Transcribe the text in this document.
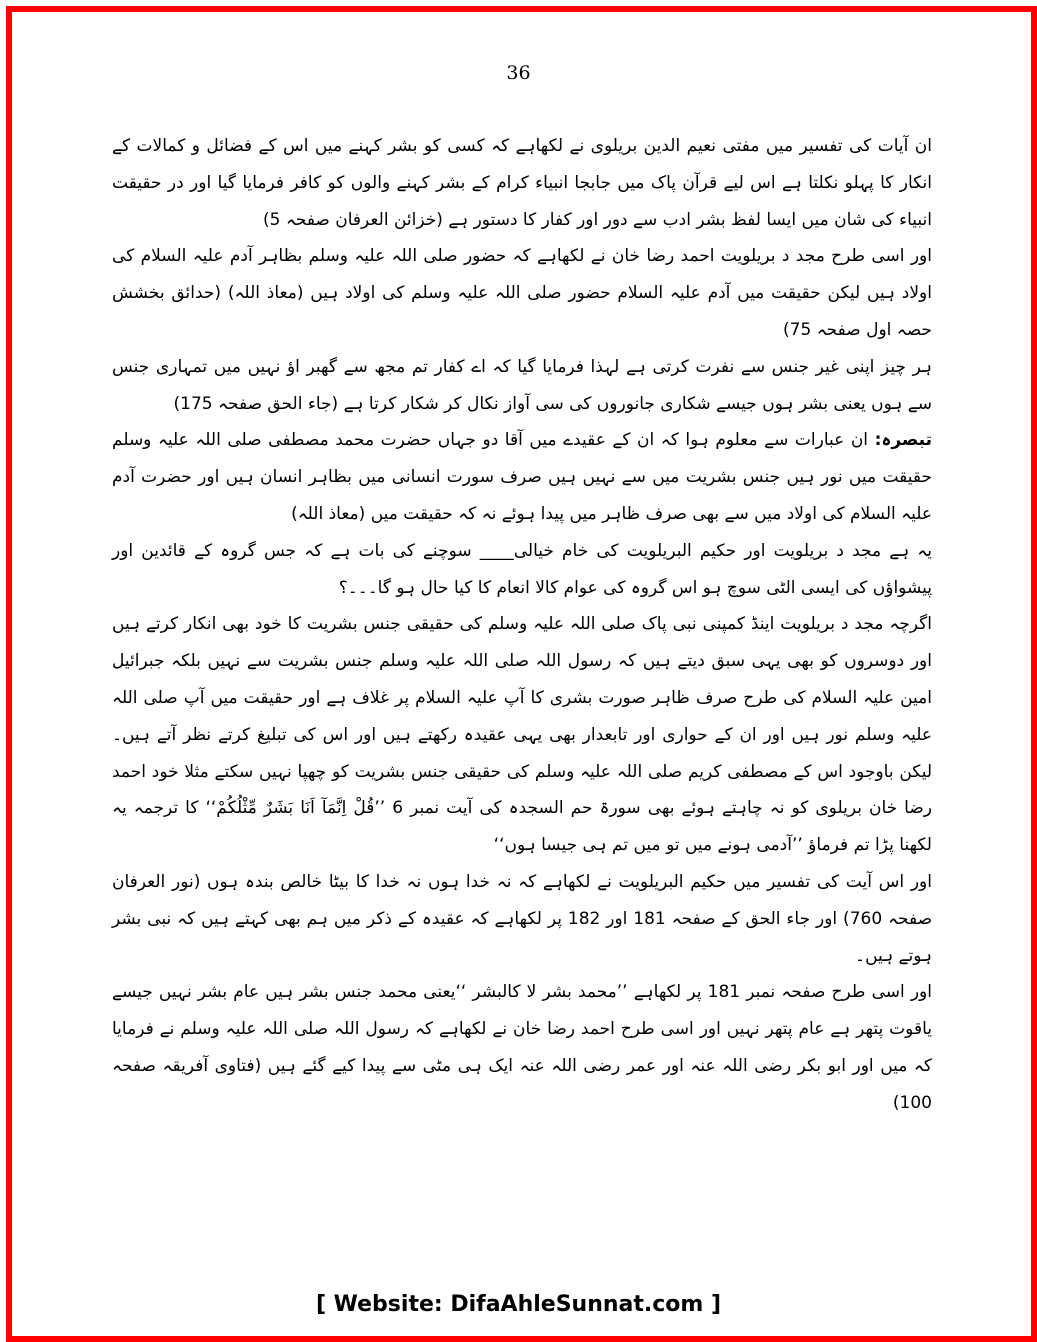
36

ان آیات کی تفسیر میں مفتی نعیم الدین بریلوی نے لکھاہے کہ کسی کو بشر کہنے میں اس کے فضائل و کمالات کے انکار کا پہلو نکلتا ہے اس لیے قرآن پاک میں جابجا انبیاء کرام کے بشر کہنے والوں کو کافر فرمایا گیا اور در حقیقت انبیاء کی شان میں ایسا لفظ بشر ادب سے دور اور کفار کا دستور ہے (خزائن العرفان صفحہ 5)

اور اسی طرح مجد د بریلویت احمد رضا خان نے لکھاہے کہ حضور صلی اللہ علیہ وسلم بظاہر آدم علیہ السلام کی اولاد ہیں لیکن حقیقت میں آدم علیہ السلام حضور صلی اللہ علیہ وسلم کی اولاد ہیں (معاذ اللہ) (حدائق بخشش حصہ اول صفحہ 75)

ہر چیز اپنی غیر جنس سے نفرت کرتی ہے لہذا فرمایا گیا کہ اے کفار تم مجھ سے گھبر اؤ نہیں میں تمہاری جنس سے ہوں یعنی بشر ہوں جیسے شکاری جانوروں کی سی آواز نکال کر شکار کرتا ہے (جاء الحق صفحہ 175)

تبصرہ: ان عبارات سے معلوم ہوا کہ ان کے عقیدے میں آقا دو جہاں حضرت محمد مصطفی صلی اللہ علیہ وسلم حقیقت میں نور ہیں جنس بشریت میں سے نہیں ہیں صرف سورت انسانی میں بظاہر انسان ہیں اور حضرت آدم علیہ السلام کی اولاد میں سے بھی صرف ظاہر میں پیدا ہوئے نہ کہ حقیقت میں (معاذ اللہ)

یہ ہے مجد د بریلویت اور حکیم البریلویت کی خام خیالی____ سوچنے کی بات ہے کہ جس گروہ کے قائدین اور پیشواؤں کی ایسی الٹی سوچ ہو اس گروہ کی عوام کالا انعام کا کیا حال ہو گا۔۔۔؟

اگرچہ مجد د بریلویت اینڈ کمپنی نبی پاک صلی اللہ علیہ وسلم کی حقیقی جنس بشریت کا خود بھی انکار کرتے ہیں اور دوسروں کو بھی یہی سبق دیتے ہیں کہ رسول اللہ صلی اللہ علیہ وسلم جنس بشریت سے نہیں بلکہ جبرائیل امین علیہ السلام کی طرح صرف ظاہر صورت بشری کا آپ علیہ السلام پر غلاف ہے اور حقیقت میں آپ صلی اللہ علیہ وسلم نور ہیں اور ان کے حواری اور تابعدار بھی یہی عقیدہ رکھتے ہیں اور اس کی تبلیغ کرتے نظر آتے ہیں۔ لیکن باوجود اس کے مصطفی کریم صلی اللہ علیہ وسلم کی حقیقی جنس بشریت کو چھپا نہیں سکتے مثلا خود احمد رضا خان بریلوی کو نہ چاہتے ہوئے بھی سورۃ حم السجدہ کی آیت نمبر 6 ’’قُلْ اِنَّمَآ اَنَا بَشَرٌ مِّثْلُكُمْ‘‘ کا ترجمہ یہ لکھنا پڑا تم فرماؤ ’’آدمی ہونے میں تو میں تم ہی جیسا ہوں‘‘

اور اس آیت کی تفسیر میں حکیم البریلویت نے لکھاہے کہ نہ خدا ہوں نہ خدا کا بیٹا خالص بندہ ہوں (نور العرفان صفحہ 760) اور جاء الحق کے صفحہ 181 اور 182 پر لکھاہے کہ عقیدہ کے ذکر میں ہم بھی کہتے ہیں کہ نبی بشر ہوتے ہیں۔

اور اسی طرح صفحہ نمبر 181 پر لکھاہے ’’محمد بشر لا کالبشر ‘‘یعنی محمد جنس بشر ہیں عام بشر نہیں جیسے یاقوت پتھر ہے عام پتھر نہیں اور اسی طرح احمد رضا خان نے لکھاہے کہ رسول اللہ صلی اللہ علیہ وسلم نے فرمایا کہ میں اور ابو بکر رضی اللہ عنہ اور عمر رضی اللہ عنہ ایک ہی مٹی سے پیدا کیے گئے ہیں (فتاوی آفریقہ صفحہ 100)

[ Website: DifaAhleSunnat.com ]
